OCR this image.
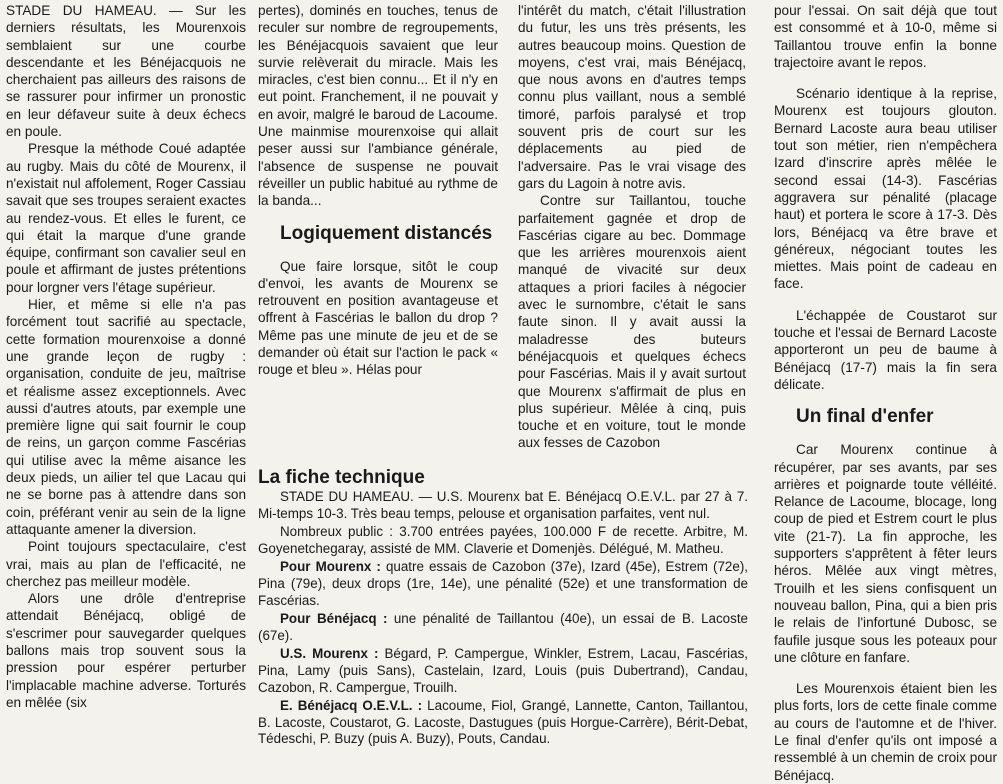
STADE DU HAMEAU. — Sur les derniers résultats, les Mourenxois semblaient sur une courbe descendante et les Bénéjacquois ne cherchaient pas ailleurs des raisons de se rassurer pour infirmer un pronostic en leur défaveur suite à deux échecs en poule.

Presque la méthode Coué adaptée au rugby. Mais du côté de Mourenx, il n'existait nul affolement, Roger Cassiau savait que ses troupes seraient exactes au rendez-vous. Et elles le furent, ce qui était la marque d'une grande équipe, confirmant son cavalier seul en poule et affirmant de justes prétentions pour lorgner vers l'étage supérieur.

Hier, et même si elle n'a pas forcément tout sacrifié au spectacle, cette formation mourenxoise a donné une grande leçon de rugby : organisation, conduite de jeu, maîtrise et réalisme assez exceptionnels. Avec aussi d'autres atouts, par exemple une première ligne qui sait fournir le coup de reins, un garçon comme Fascérias qui utilise avec la même aisance les deux pieds, un ailier tel que Lacau qui ne se borne pas à attendre dans son coin, préférant venir au sein de la ligne attaquante amener la diversion.

Point toujours spectaculaire, c'est vrai, mais au plan de l'efficacité, ne cherchez pas meilleur modèle.

Alors une drôle d'entreprise attendait Bénéjacq, obligé de s'escrimer pour sauvegarder quelques ballons mais trop souvent sous la pression pour espérer perturber l'implacable machine adverse. Torturés en mêlée (six

pertes), dominés en touches, tenus de reculer sur nombre de regroupements, les Bénéjacquois savaient que leur survie relèverait du miracle. Mais les miracles, c'est bien connu... Et il n'y en eut point. Franchement, il ne pouvait y en avoir, malgré le baroud de Lacoume. Une mainmise mourenxoise qui allait peser aussi sur l'ambiance générale, l'absence de suspense ne pouvait réveiller un public habitué au rythme de la banda...

Logiquement distancés

Que faire lorsque, sitôt le coup d'envoi, les avants de Mourenx se retrouvent en position avantageuse et offrent à Fascérias le ballon du drop ? Même pas une minute de jeu et de se demander où était sur l'action le pack « rouge et bleu ». Hélas pour

l'intérêt du match, c'était l'illustration du futur, les uns très présents, les autres beaucoup moins. Question de moyens, c'est vrai, mais Bénéjacq, que nous avons en d'autres temps connu plus vaillant, nous a semblé timoré, parfois paralysé et trop souvent pris de court sur les déplacements au pied de l'adversaire. Pas le vrai visage des gars du Lagoin à notre avis.

Contre sur Taillantou, touche parfaitement gagnée et drop de Fascérias cigare au bec. Dommage que les arrières mourenxois aient manqué de vivacité sur deux attaques a priori faciles à négocier avec le surnombre, c'était le sans faute sinon. Il y avait aussi la maladresse des buteurs bénéjacquois et quelques échecs pour Fascérias. Mais il y avait surtout que Mourenx s'affirmait de plus en plus supérieur. Mêlée à cinq, puis touche et en voiture, tout le monde aux fesses de Cazobon

pour l'essai. On sait déjà que tout est consommé et à 10-0, même si Taillantou trouve enfin la bonne trajectoire avant le repos.

Scénario identique à la reprise, Mourenx est toujours glouton. Bernard Lacoste aura beau utiliser tout son métier, rien n'empêchera Izard d'inscrire après mêlée le second essai (14-3). Fascérias aggravera sur pénalité (placage haut) et portera le score à 17-3. Dès lors, Bénéjacq va être brave et généreux, négociant toutes les miettes. Mais point de cadeau en face.

L'échappée de Coustarot sur touche et l'essai de Bernard Lacoste apporteront un peu de baume à Bénéjacq (17-7) mais la fin sera délicate.

Un final d'enfer

Car Mourenx continue à récupérer, par ses avants, par ses arrières et poignarde toute vélléité. Relance de Lacoume, blocage, long coup de pied et Estrem court le plus vite (21-7). La fin approche, les supporters s'apprêtent à fêter leurs héros. Mêlée aux vingt mètres, Trouilh et les siens confisquent un nouveau ballon, Pina, qui a bien pris le relais de l'infortuné Dubosc, se faufile jusque sous les poteaux pour une clôture en fanfare.

Les Mourenxois étaient bien les plus forts, lors de cette finale comme au cours de l'automne et de l'hiver. Le final d'enfer qu'ils ont imposé a ressemblé à un chemin de croix pour Bénéjacq.

La fiche technique

STADE DU HAMEAU. — U.S. Mourenx bat E. Bénéjacq O.E.V.L. par 27 à 7. Mi-temps 10-3. Très beau temps, pelouse et organisation parfaites, vent nul.

Nombreux public : 3.700 entrées payées, 100.000 F de recette. Arbitre, M. Goyenetchegaray, assisté de MM. Claverie et Domenjès. Délégué, M. Matheu.

Pour Mourenx : quatre essais de Cazobon (37e), Izard (45e), Estrem (72e), Pina (79e), deux drops (1re, 14e), une pénalité (52e) et une transformation de Fascérias.

Pour Bénéjacq : une pénalité de Taillantou (40e), un essai de B. Lacoste (67e).

U.S. Mourenx : Bégard, P. Campergue, Winkler, Estrem, Lacau, Fascérias, Pina, Lamy (puis Sans), Castelain, Izard, Louis (puis Dubertrand), Candau, Cazobon, R. Campergue, Trouilh.

E. Bénéjacq O.E.V.L. : Lacoume, Fiol, Grangé, Lannette, Canton, Taillantou, B. Lacoste, Coustarot, G. Lacoste, Dastugues (puis Horgue-Carrère), Bérit-Debat, Tédeschi, P. Buzy (puis A. Buzy), Pouts, Candau.
